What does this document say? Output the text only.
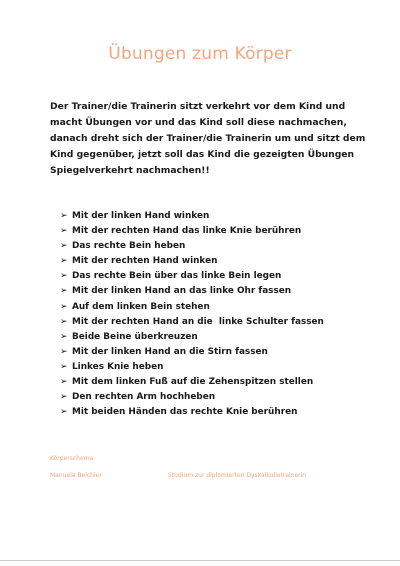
Übungen zum Körper
Der Trainer/die Trainerin sitzt verkehrt vor dem Kind und macht Übungen vor und das Kind soll diese nachmachen, danach dreht sich der Trainer/die Trainerin um und sitzt dem Kind gegenüber, jetzt soll das Kind die gezeigten Übungen Spiegelverkehrt nachmachen!!
➢ Mit der linken Hand winken
➢ Mit der rechten Hand das linke Knie berühren
➢ Das rechte Bein heben
➢ Mit der rechten Hand winken
➢ Das rechte Bein über das linke Bein legen
➢ Mit der linken Hand an das linke Ohr fassen
➢ Auf dem linken Bein stehen
➢ Mit der rechten Hand an die  linke Schulter fassen
➢ Beide Beine überkreuzen
➢ Mit der linken Hand an die Stirn fassen
➢ Linkes Knie heben
➢ Mit dem linken Fuß auf die Zehenspitzen stellen
➢ Den rechten Arm hochheben
➢ Mit beiden Händen das rechte Knie berühren
Körperschema
Manuela Beichler	Studium zur diplomierten Dyskalkulietrainerin
